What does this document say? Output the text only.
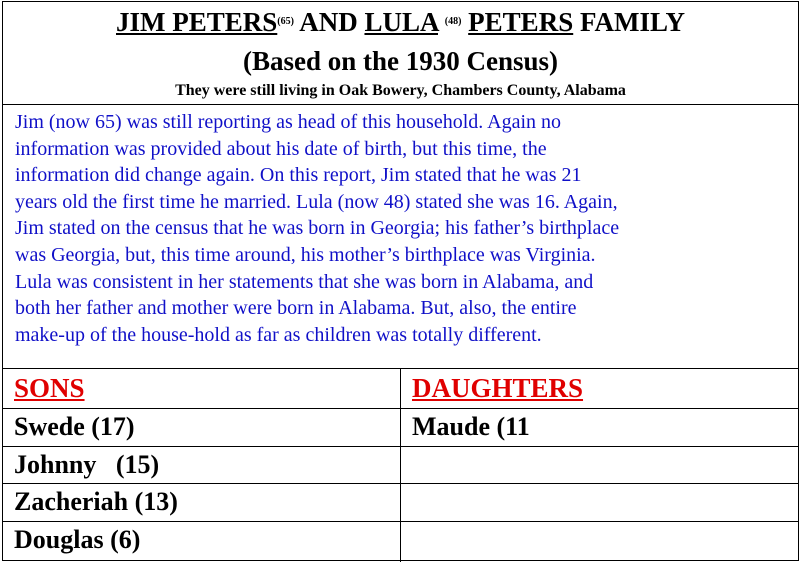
JIM PETERS$^{(65)}$ AND LULA $^{(48)}$ PETERS FAMILY
(Based on the 1930 Census)
They were still living in Oak Bowery, Chambers County, Alabama
Jim (now 65) was still reporting as head of this household. Again no
information was provided about his date of birth, but this time, the
information did change again. On this report, Jim stated that he was 21
years old the first time he married. Lula (now 48) stated she was 16. Again,
Jim stated on the census that he was born in Georgia; his father’s birthplace
was Georgia, but, this time around, his mother’s birthplace was Virginia.
Lula was consistent in her statements that she was born in Alabama, and
both her father and mother were born in Alabama. But, also, the entire
make-up of the house-hold as far as children was totally different.
SONS	DAUGHTERS
Swede (17)
Johnny   (15)
Zacheriah (13)
Douglas (6)
Maude (11
